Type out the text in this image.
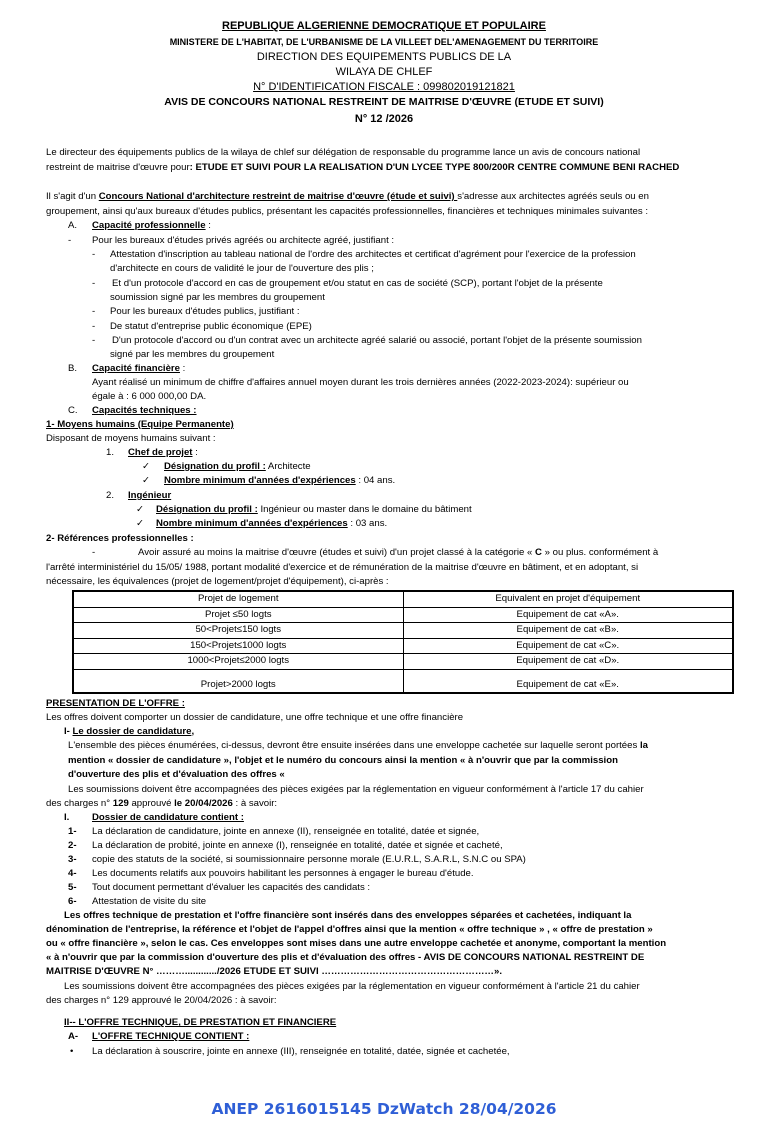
REPUBLIQUE ALGERIENNE DEMOCRATIQUE ET POPULAIRE
MINISTERE DE L'HABITAT, DE L'URBANISME DE LA VILLEET DEL'AMENAGEMENT DU TERRITOIRE
DIRECTION DES EQUIPEMENTS PUBLICS DE LA
WILAYA DE CHLEF
N° D'IDENTIFICATION FISCALE : 099802019121821
AVIS DE CONCOURS NATIONAL RESTREINT DE MAITRISE D'ŒUVRE (ETUDE ET SUIVI)
N° 12 /2026
Le directeur des équipements publics de la wilaya de chlef sur délégation de responsable du programme lance un avis de concours national
restreint de maitrise d'œuvre pour: ETUDE ET SUIVI POUR LA REALISATION D'UN LYCEE TYPE 800/200R CENTRE COMMUNE BENI RACHED
Il s'agit d'un Concours National d'architecture restreint de maitrise d'œuvre (étude et suivi) s'adresse aux architectes agréés seuls ou en
groupement, ainsi qu'aux bureaux d'études publics, présentant les capacités professionnelles, financières et techniques minimales suivantes :
A. Capacité professionnelle :
- Pour les bureaux d'études privés agréés ou architecte agréé, justifiant :
- Attestation d'inscription au tableau national de l'ordre des architectes et certificat d'agrément pour l'exercice de la profession
d'architecte en cours de validité le jour de l'ouverture des plis ;
- Et d'un protocole d'accord en cas de groupement et/ou statut en cas de société (SCP), portant l'objet de la présente
soumission signé par les membres du groupement
- Pour les bureaux d'études publics, justifiant :
- De statut d'entreprise public économique (EPE)
- D'un protocole d'accord ou d'un contrat avec un architecte agréé salarié ou associé, portant l'objet de la présente soumission
signé par les membres du groupement
B. Capacité financière :
Ayant réalisé un minimum de chiffre d'affaires annuel moyen durant les trois dernières années (2022-2023-2024): supérieur ou
égale à : 6 000 000,00 DA.
C. Capacités techniques :
1- Moyens humains (Equipe Permanente)
Disposant de moyens humains suivant :
1. Chef de projet :
✓ Désignation du profil : Architecte
✓ Nombre minimum d'années d'expériences : 04 ans.
2. Ingénieur
✓ Désignation du profil : Ingénieur ou master dans le domaine du bâtiment
✓ Nombre minimum d'années d'expériences : 03 ans.
2- Références professionnelles :
-	Avoir assuré au moins la maitrise d'œuvre (études et suivi) d'un projet classé à la catégorie « C » ou plus. conformément à
l'arrêté interministériel du 15/05/ 1988, portant modalité d'exercice et de rémunération de la maitrise d'œuvre en bâtiment, et en adoptant, si
nécessaire, les équivalences (projet de logement/projet d'équipement), ci-après :
Projet de logement	Equivalent en projet d'équipement
Projet ≤50 logts	Equipement de cat «A».
50<Projet≤150 logts	Equipement de cat «B».
150<Projet≤1000 logts	Equipement de cat «C».
1000<Projet≤2000 logts	Equipement de cat «D».
Projet>2000 logts	Equipement de cat «E».
PRESENTATION DE L'OFFRE :
Les offres doivent comporter un dossier de candidature, une offre technique et une offre financière
I- Le dossier de candidature,
L'ensemble des pièces énumérées, ci-dessus, devront être ensuite insérées dans une enveloppe cachetée sur laquelle seront portées la
mention « dossier de candidature », l'objet et le numéro du concours ainsi la mention « à n'ouvrir que par la commission
d'ouverture des plis et d'évaluation des offres «
Les soumissions doivent être accompagnées des pièces exigées par la réglementation en vigueur conformément à l'article 17 du cahier
des charges n° 129 approuvé le 20/04/2026 : à savoir:
I. Dossier de candidature contient :
1- La déclaration de candidature, jointe en annexe (II), renseignée en totalité, datée et signée,
2- La déclaration de probité, jointe en annexe (I), renseignée en totalité, datée et signée et cacheté,
3- copie des statuts de la société, si soumissionnaire personne morale (E.U.R.L, S.A.R.L, S.N.C ou SPA)
4- Les documents relatifs aux pouvoirs habilitant les personnes à engager le bureau d'étude.
5- Tout document permettant d'évaluer les capacités des candidats :
6- Attestation de visite du site
Les offres technique de prestation et l'offre financière sont insérés dans des enveloppes séparées et cachetées, indiquant la
dénomination de l'entreprise, la référence et l'objet de l'appel d'offres ainsi que la mention « offre technique » , « offre de prestation »
ou « offre financière », selon le cas. Ces enveloppes sont mises dans une autre enveloppe cachetée et anonyme, comportant la mention
« à n'ouvrir que par la commission d'ouverture des plis et d'évaluation des offres - AVIS DE CONCOURS NATIONAL RESTREINT DE
MAITRISE D'ŒUVRE N° ………............/2026 ETUDE ET SUIVI ………………………………………………».
Les soumissions doivent être accompagnées des pièces exigées par la réglementation en vigueur conformément à l'article 21 du cahier
des charges n° 129 approuvé le 20/04/2026 : à savoir:
II-- L'OFFRE TECHNIQUE, DE PRESTATION ET FINANCIERE
A- L'OFFRE TECHNIQUE CONTIENT :
• La déclaration à souscrire, jointe en annexe (III), renseignée en totalité, datée, signée et cachetée,
ANEP 2616015145 DzWatch 28/04/2026
